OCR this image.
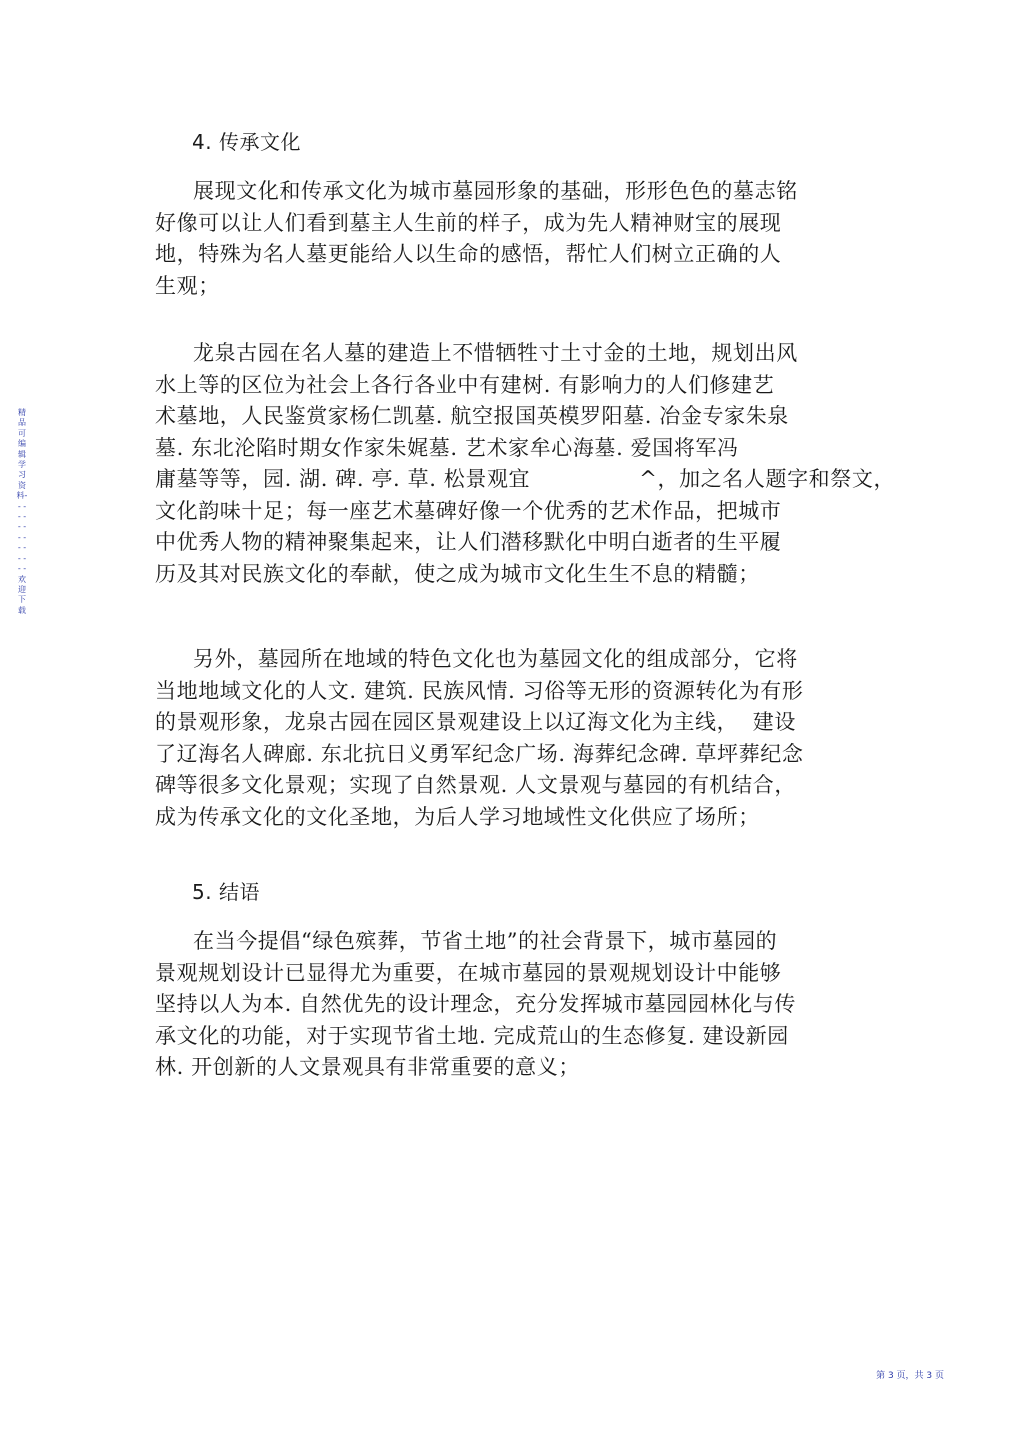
4. 传承文化
展现文化和传承文化为城市墓园形象的基础，形形色色的墓志铭
好像可以让人们看到墓主人生前的样子，成为先人精神财宝的展现
地，特殊为名人墓更能给人以生命的感悟，帮忙人们树立正确的人
生观；
龙泉古园在名人墓的建造上不惜牺牲寸土寸金的土地，规划出风
水上等的区位为社会上各行各业中有建树. 有影响力的人们修建艺
术墓地，人民鉴赏家杨仁凯墓. 航空报国英模罗阳墓. 冶金专家朱泉
墓. 东北沦陷时期女作家朱娓墓. 艺术家牟心海墓. 爱国将军冯
庸墓等等，园. 湖. 碑. 亭. 草. 松景观宜               ^，加之名人题字和祭文，
文化韵味十足；每一座艺术墓碑好像一个优秀的艺术作品，把城市
中优秀人物的精神聚集起来，让人们潜移默化中明白逝者的生平履
历及其对民族文化的奉献，使之成为城市文化生生不息的精髓；
另外，墓园所在地域的特色文化也为墓园文化的组成部分，它将
当地地域文化的人文. 建筑. 民族风情. 习俗等无形的资源转化为有形
的景观形象，龙泉古园在园区景观建设上以辽海文化为主线，  建设
了辽海名人碑廊. 东北抗日义勇军纪念广场. 海葬纪念碑. 草坪葬纪念
碑等很多文化景观；实现了自然景观. 人文景观与墓园的有机结合，
成为传承文化的文化圣地，为后人学习地域性文化供应了场所；
5. 结语
在当今提倡“绿色殡葬，节省土地”的社会背景下，城市墓园的
景观规划设计已显得尤为重要，在城市墓园的景观规划设计中能够
坚持以人为本. 自然优先的设计理念，充分发挥城市墓园园林化与传
承文化的功能，对于实现节省土地. 完成荒山的生态修复. 建设新园
林. 开创新的人文景观具有非常重要的意义；
精品可编辑学习资料- - - - - - - - - - - - - - -欢迎下载
第 3 页，共 3 页
